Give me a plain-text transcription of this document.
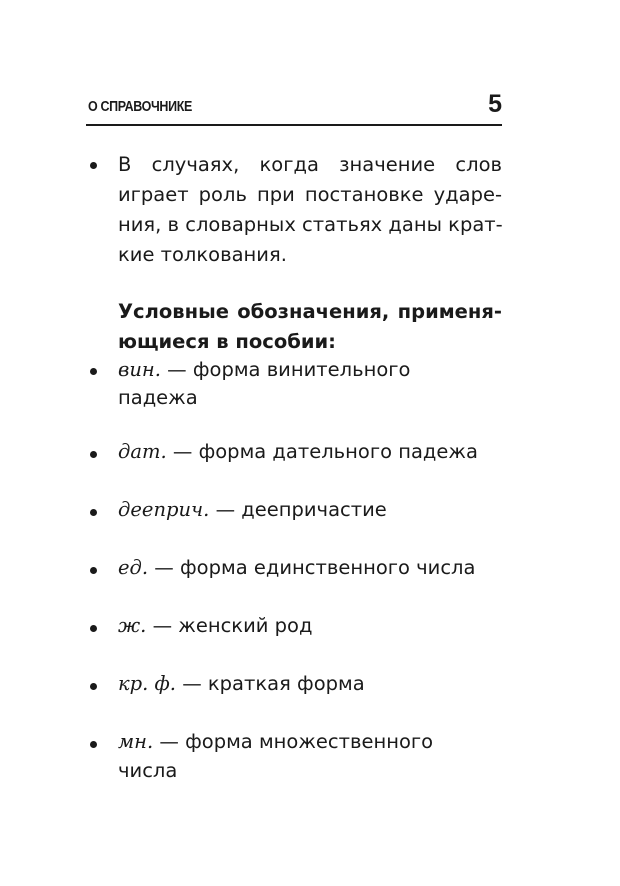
О СПРАВОЧНИКЕ	5
В случаях, когда значение слов
играет роль при постановке ударе-
ния, в словарных статьях даны крат-
кие толкования.
Условные обозначения, применя-
ющиеся в пособии:
вин. — форма винительного
падежа
дат. — форма дательного падежа
деепрuч. — деепричастие
ед. — форма единственного числа
ж. — женский род
кр. ф. — краткая форма
мн. — форма множественного
числа
